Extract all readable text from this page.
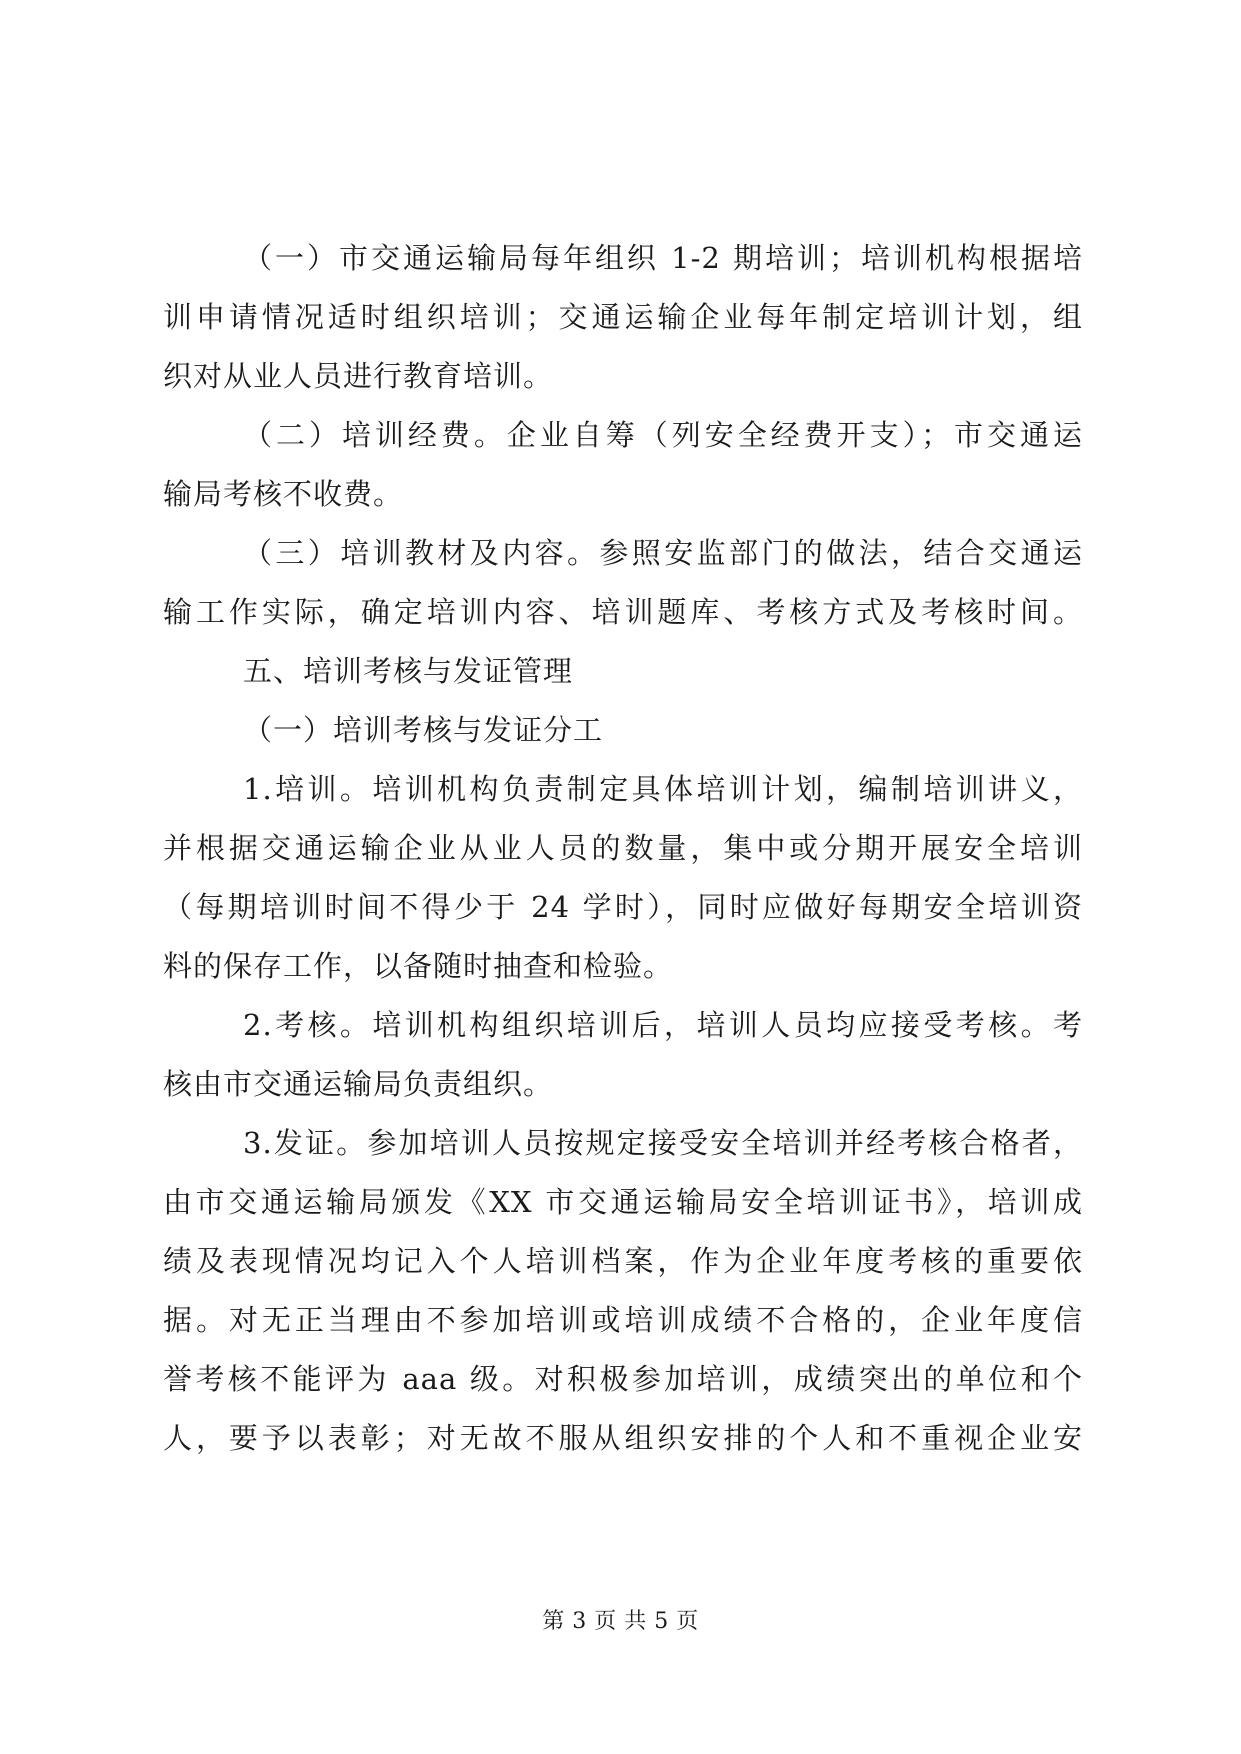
（一）市交通运输局每年组织 1-2 期培训；培训机构根据培
训申请情况适时组织培训；交通运输企业每年制定培训计划，组
织对从业人员进行教育培训。
（二）培训经费。企业自筹（列安全经费开支）；市交通运
输局考核不收费。
（三）培训教材及内容。参照安监部门的做法，结合交通运
输工作实际，确定培训内容、培训题库、考核方式及考核时间。
五、培训考核与发证管理
（一）培训考核与发证分工
1.培训。培训机构负责制定具体培训计划，编制培训讲义，
并根据交通运输企业从业人员的数量，集中或分期开展安全培训
（每期培训时间不得少于 24 学时），同时应做好每期安全培训资
料的保存工作，以备随时抽查和检验。
2.考核。培训机构组织培训后，培训人员均应接受考核。考
核由市交通运输局负责组织。
3.发证。参加培训人员按规定接受安全培训并经考核合格者，
由市交通运输局颁发《XX 市交通运输局安全培训证书》，培训成
绩及表现情况均记入个人培训档案，作为企业年度考核的重要依
据。对无正当理由不参加培训或培训成绩不合格的，企业年度信
誉考核不能评为 aaa 级。对积极参加培训，成绩突出的单位和个
人，要予以表彰；对无故不服从组织安排的个人和不重视企业安
第 3 页 共 5 页
